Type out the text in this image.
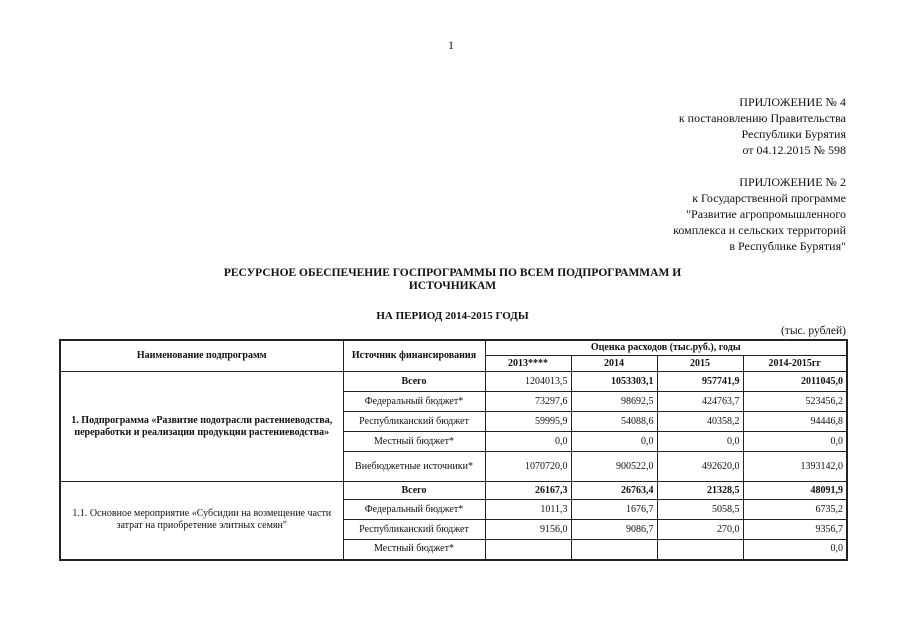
1
ПРИЛОЖЕНИЕ № 4
к постановлению Правительства
Республики Бурятия
от 04.12.2015 № 598
ПРИЛОЖЕНИЕ № 2
к Государственной программе
"Развитие агропромышленного
комплекса и сельских территорий
в Республике Бурятия"
РЕСУРСНОЕ ОБЕСПЕЧЕНИЕ ГОСПРОГРАММЫ ПО ВСЕМ ПОДПРОГРАММАМ И
ИСТОЧНИКАМ
НА ПЕРИОД 2014-2015 ГОДЫ
(тыс. рублей)
Наименование подпрограмм	Источник финансирования	Оценка расходов (тыс.руб.), годы			
		2013****	2014	2015	2014-2015гг
1. Подпрограмма «Развитие подотрасли растениеводства, переработки и реализации продукции растениеводства»	Всего	1204013,5	1053303,1	957741,9	2011045,0
	Федеральный бюджет*	73297,6	98692,5	424763,7	523456,2
	Республиканский бюджет	59995,9	54088,6	40358,2	94446,8
	Местный бюджет*	0,0	0,0	0,0	0,0
	Внебюджетные источники*	1070720,0	900522,0	492620,0	1393142,0
1.1. Основное мероприятие «Субсидии на возмещение части затрат на приобретение элитных семян"	Всего	26167,3	26763,4	21328,5	48091,9
	Федеральный бюджет*	1011,3	1676,7	5058,5	6735,2
	Республиканский бюджет	9156,0	9086,7	270,0	9356,7
	Местный бюджет*				0,0
